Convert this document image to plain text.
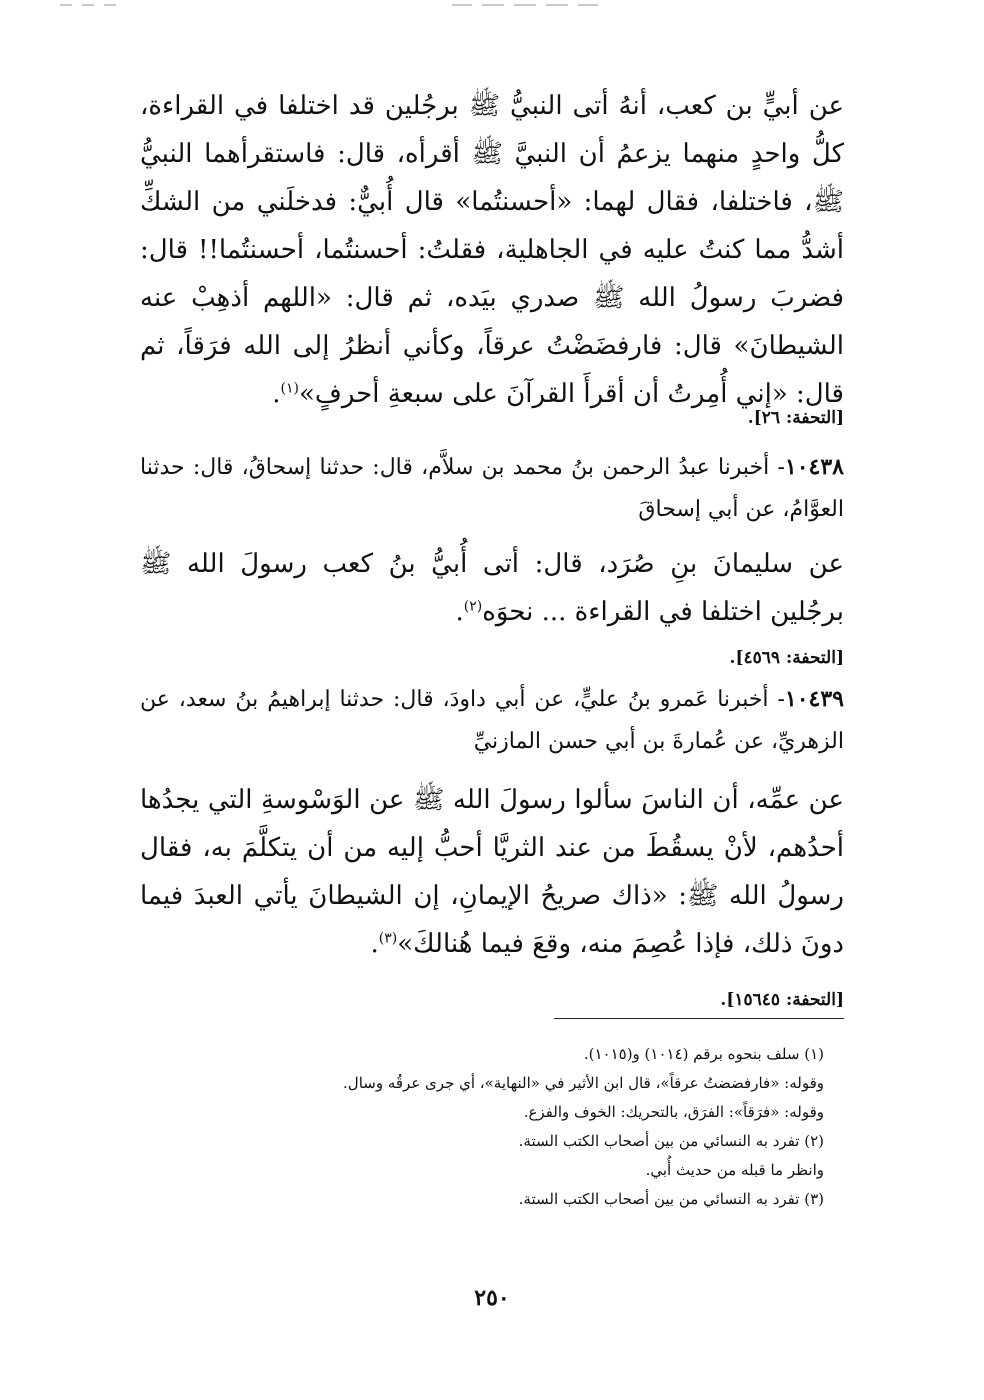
عن أبيٍّ بن كعب، أنهُ أتى النبيُّ ﷺ برجُلين قد اختلفا في القراءة، كلُّ واحدٍ منهما يزعمُ أن النبيَّ ﷺ أقرأه، قال: فاستقرأهما النبيُّ ﷺ، فاختلفا، فقال لهما: «أحسنتُما» قال أُبيٌّ: فدخلَني من الشكِّ أشدُّ مما كنتُ عليه في الجاهلية، فقلتُ: أحسنتُما، أحسنتُما!! قال: فضربَ رسولُ الله ﷺ صدري بيَده، ثم قال: «اللهم أذهِبْ عنه الشيطانَ» قال: فارفضَضْتُ عرقاً، وكأني أنظرُ إلى الله فرَقاً، ثم قال: «إني أُمِرتُ أن أقرأَ القرآنَ على سبعةِ أحرفٍ»$^{(١)}$.

[التحفة: ٢٦].

١٠٤٣٨- أخبرنا عبدُ الرحمن بنُ محمد بن سلاَّم، قال: حدثنا إسحاقُ، قال: حدثنا العوَّامُ، عن أبي إسحاقَ

عن سليمانَ بنِ صُرَد، قال: أتى أُبيُّ بنُ كعب رسولَ الله ﷺ برجُلين اختلفا في القراءة ... نحوَه$^{(٢)}$.

[التحفة: ٤٥٦٩].

١٠٤٣٩- أخبرنا عَمرو بنُ عليٍّ، عن أبي داودَ، قال: حدثنا إبراهيمُ بنُ سعد، عن الزهريِّ، عن عُمارةَ بن أبي حسن المازنيِّ

عن عمِّه، أن الناسَ سألوا رسولَ الله ﷺ عن الوَسْوسةِ التي يجدُها أحدُهم، لأنْ يسقُطَ من عند الثريَّا أحبُّ إليه من أن يتكلَّمَ به، فقال رسولُ الله ﷺ: «ذاك صريحُ الإيمانِ، إن الشيطانَ يأتي العبدَ فيما دونَ ذلك، فإذا عُصِمَ منه، وقعَ فيما هُنالكَ»$^{(٣)}$.

[التحفة: ١٥٦٤٥].
(١) سلف بنحوه برقم (١٠١٤) و(١٠١٥).
وقوله: «فارفضضتُ عرقاً»، قال ابن الأثير في «النهاية»، أي جرى عرقُه وسال.
وقوله: «فرَقاً»: الفرَق، بالتحريك: الخوف والفزع.
(٢) تفرد به النسائي من بين أصحاب الكتب الستة.
وانظر ما قبله من حديث أُبي.
(٣) تفرد به النسائي من بين أصحاب الكتب الستة.
٢٥٠
